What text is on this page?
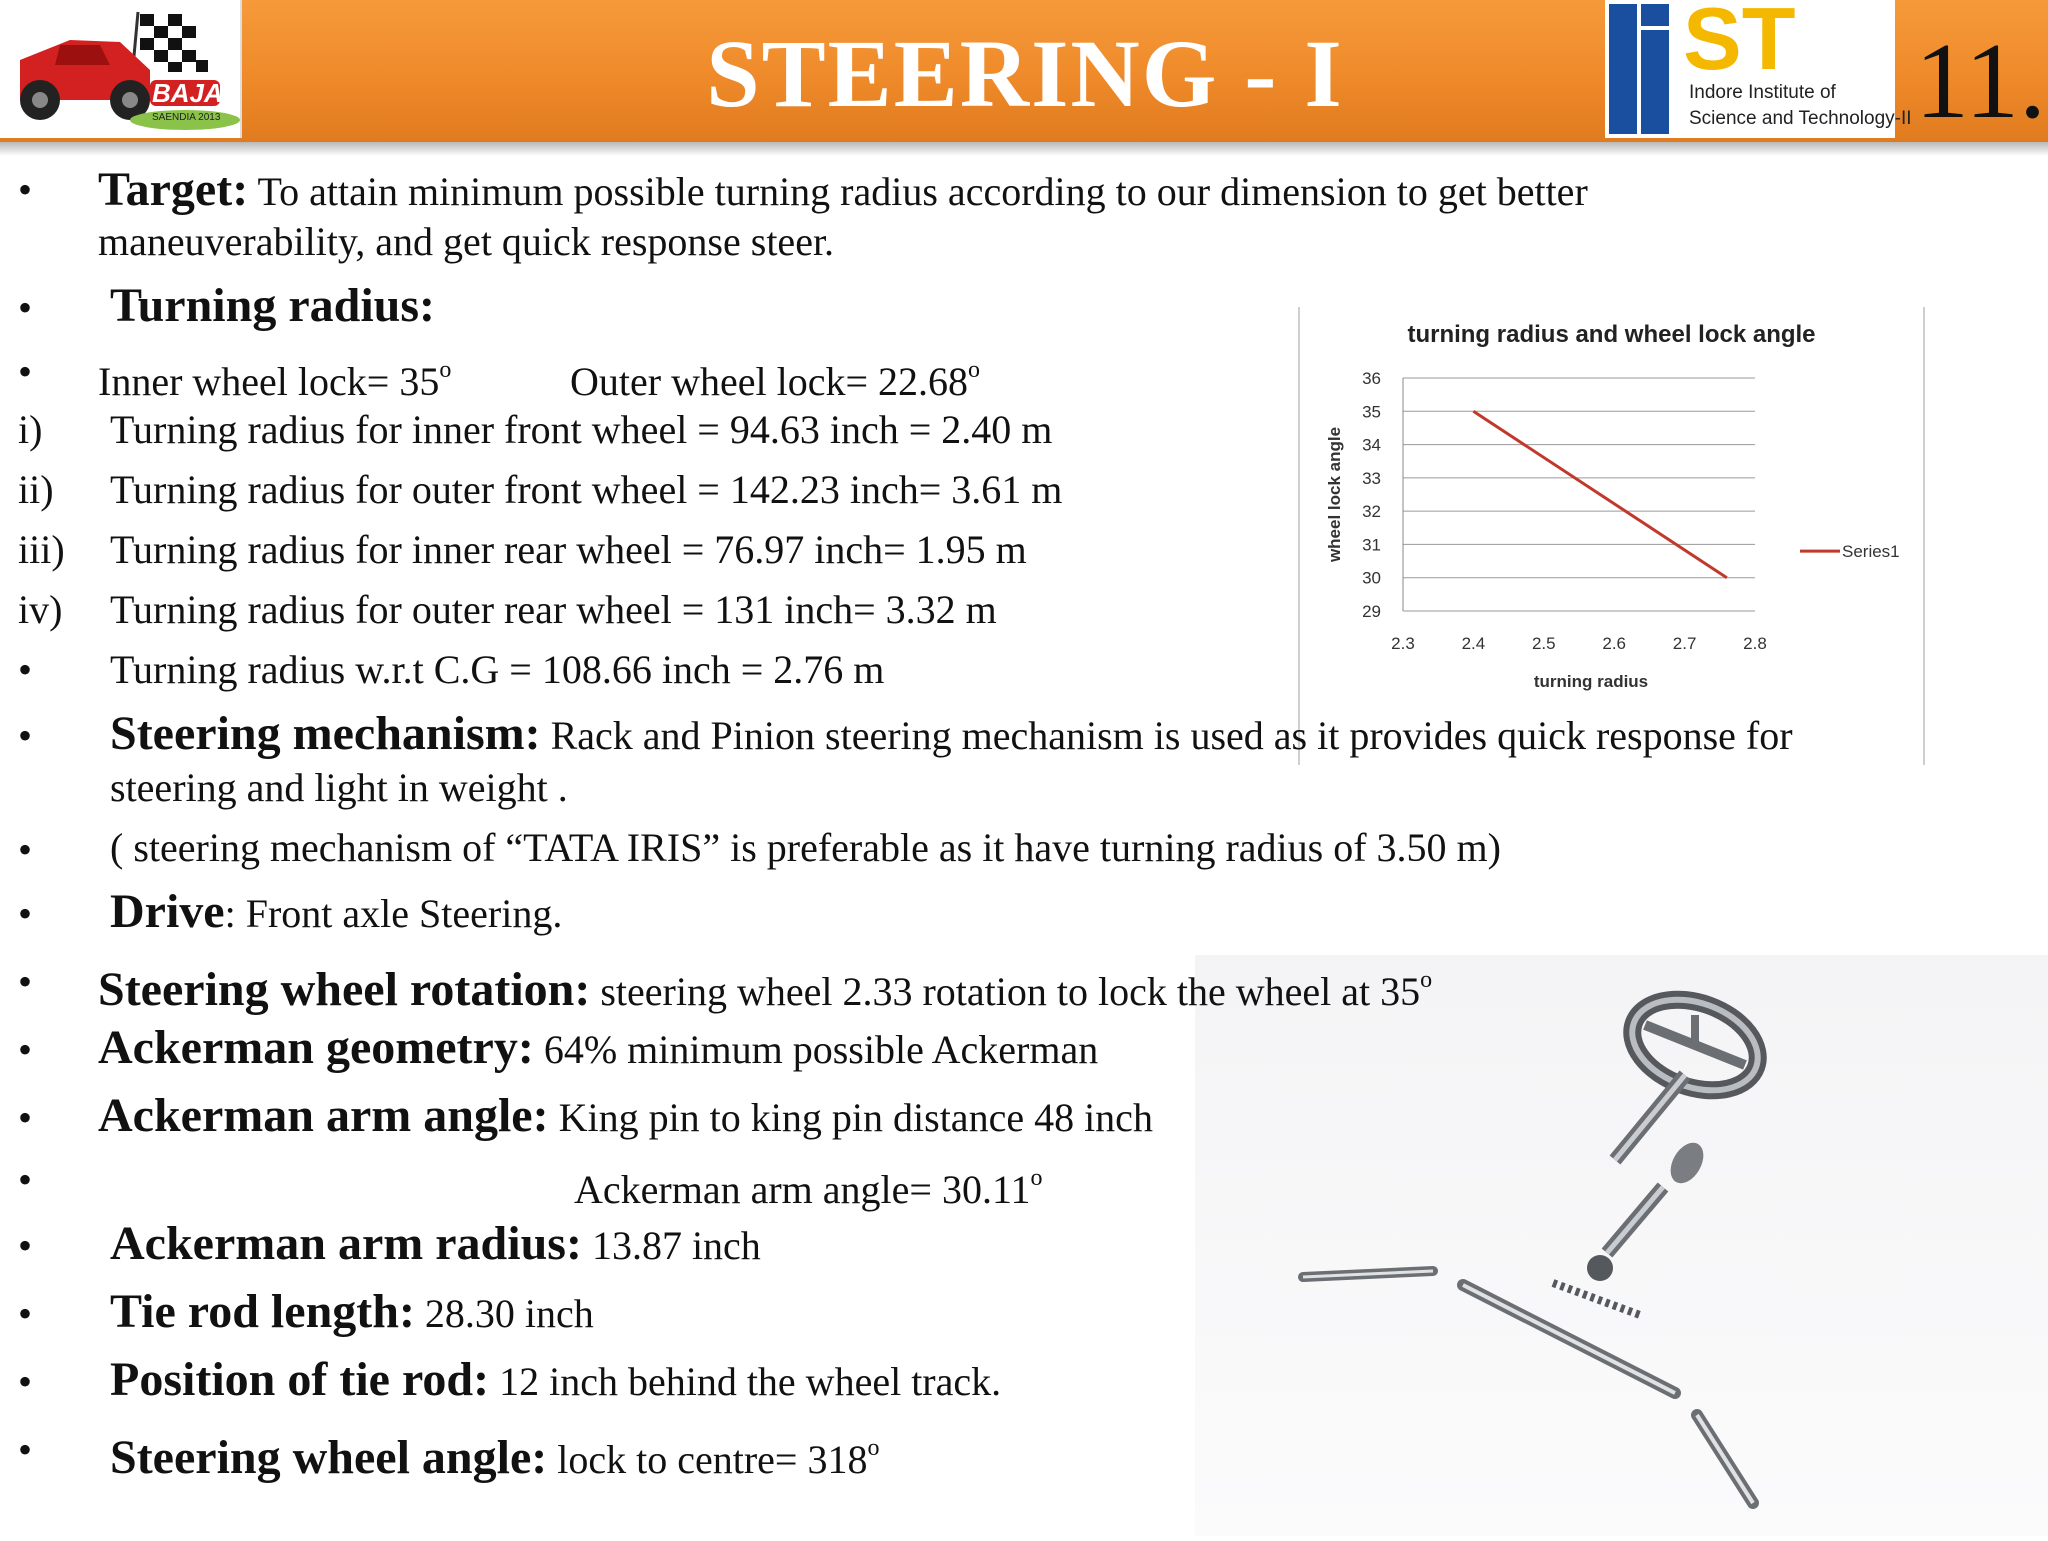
BAJA
SAENDIA 2013	STEERING - I	ST
Indore Institute of
Science and Technology-II 11.
• Target: To attain minimum possible turning radius according to our dimension to get better
maneuverability, and get quick response steer.
• Turning radius:
• Inner wheel lock= $35^o$	Outer wheel lock= $22.68^o$
i) Turning radius for inner front wheel = 94.63 inch = 2.40 m
ii) Turning radius for outer front wheel = 142.23 inch= 3.61 m
iii) Turning radius for inner rear wheel = 76.97 inch= 1.95 m
iv) Turning radius for outer rear wheel = 131 inch= 3.32 m
• Turning radius w.r.t C.G = 108.66 inch = 2.76 m
turning radius and wheel lock angle
29
30
31
32
33
34
35
36
2.3	2.4	2.5	2.6	2.7	2.8
turning radius
wheel lock angle	Series1
• Steering mechanism: Rack and Pinion steering mechanism is used as it provides quick response for
steering and light in weight .
• ( steering mechanism of “TATA IRIS” is preferable as it have turning radius of 3.50 m)
• Drive: Front axle Steering.
• Steering wheel rotation: steering wheel 2.33 rotation to lock the wheel at 35$^o$
• Ackerman geometry: 64% minimum possible Ackerman
• Ackerman arm angle: King pin to king pin distance 48 inch
•	Ackerman arm angle= $30.11^o$
• Ackerman arm radius: 13.87 inch
• Tie rod length: 28.30 inch
• Position of tie rod: 12 inch behind the wheel track.
• Steering wheel angle: lock to centre= $318^o$
